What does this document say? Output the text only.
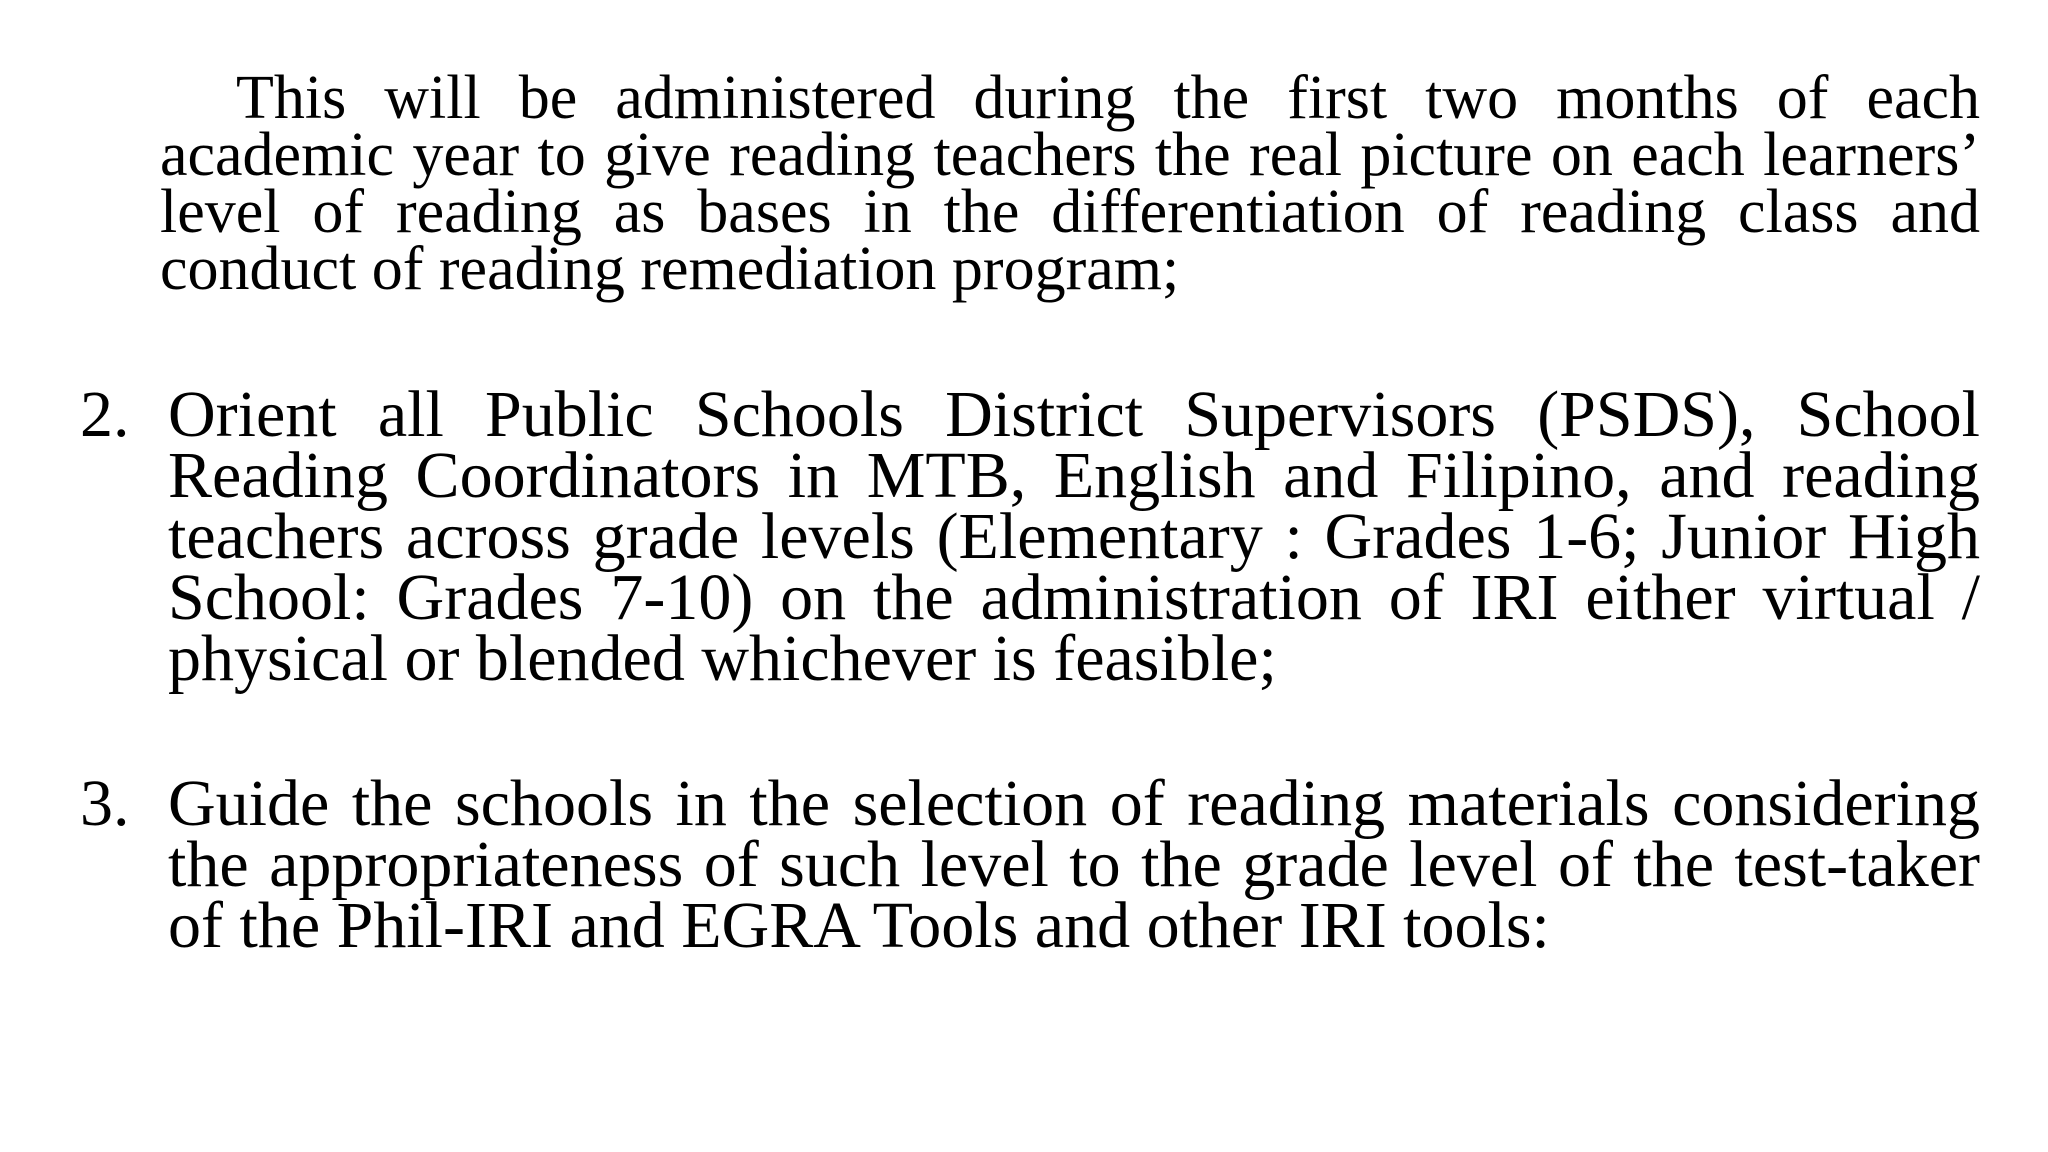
This will be administered during the first two months of each academic year to give reading teachers the real picture on each learners’ level of reading as bases in the differentiation of reading class and conduct of reading remediation program;

2. Orient all Public Schools District Supervisors (PSDS), School Reading Coordinators in MTB, English and Filipino, and reading teachers across grade levels (Elementary : Grades 1-6; Junior High School: Grades 7-10) on the administration of IRI either virtual / physical or blended whichever is feasible;

3. Guide the schools in the selection of reading materials considering the appropriateness of such level to the grade level of the test-taker of the Phil-IRI and EGRA Tools and other IRI tools:
